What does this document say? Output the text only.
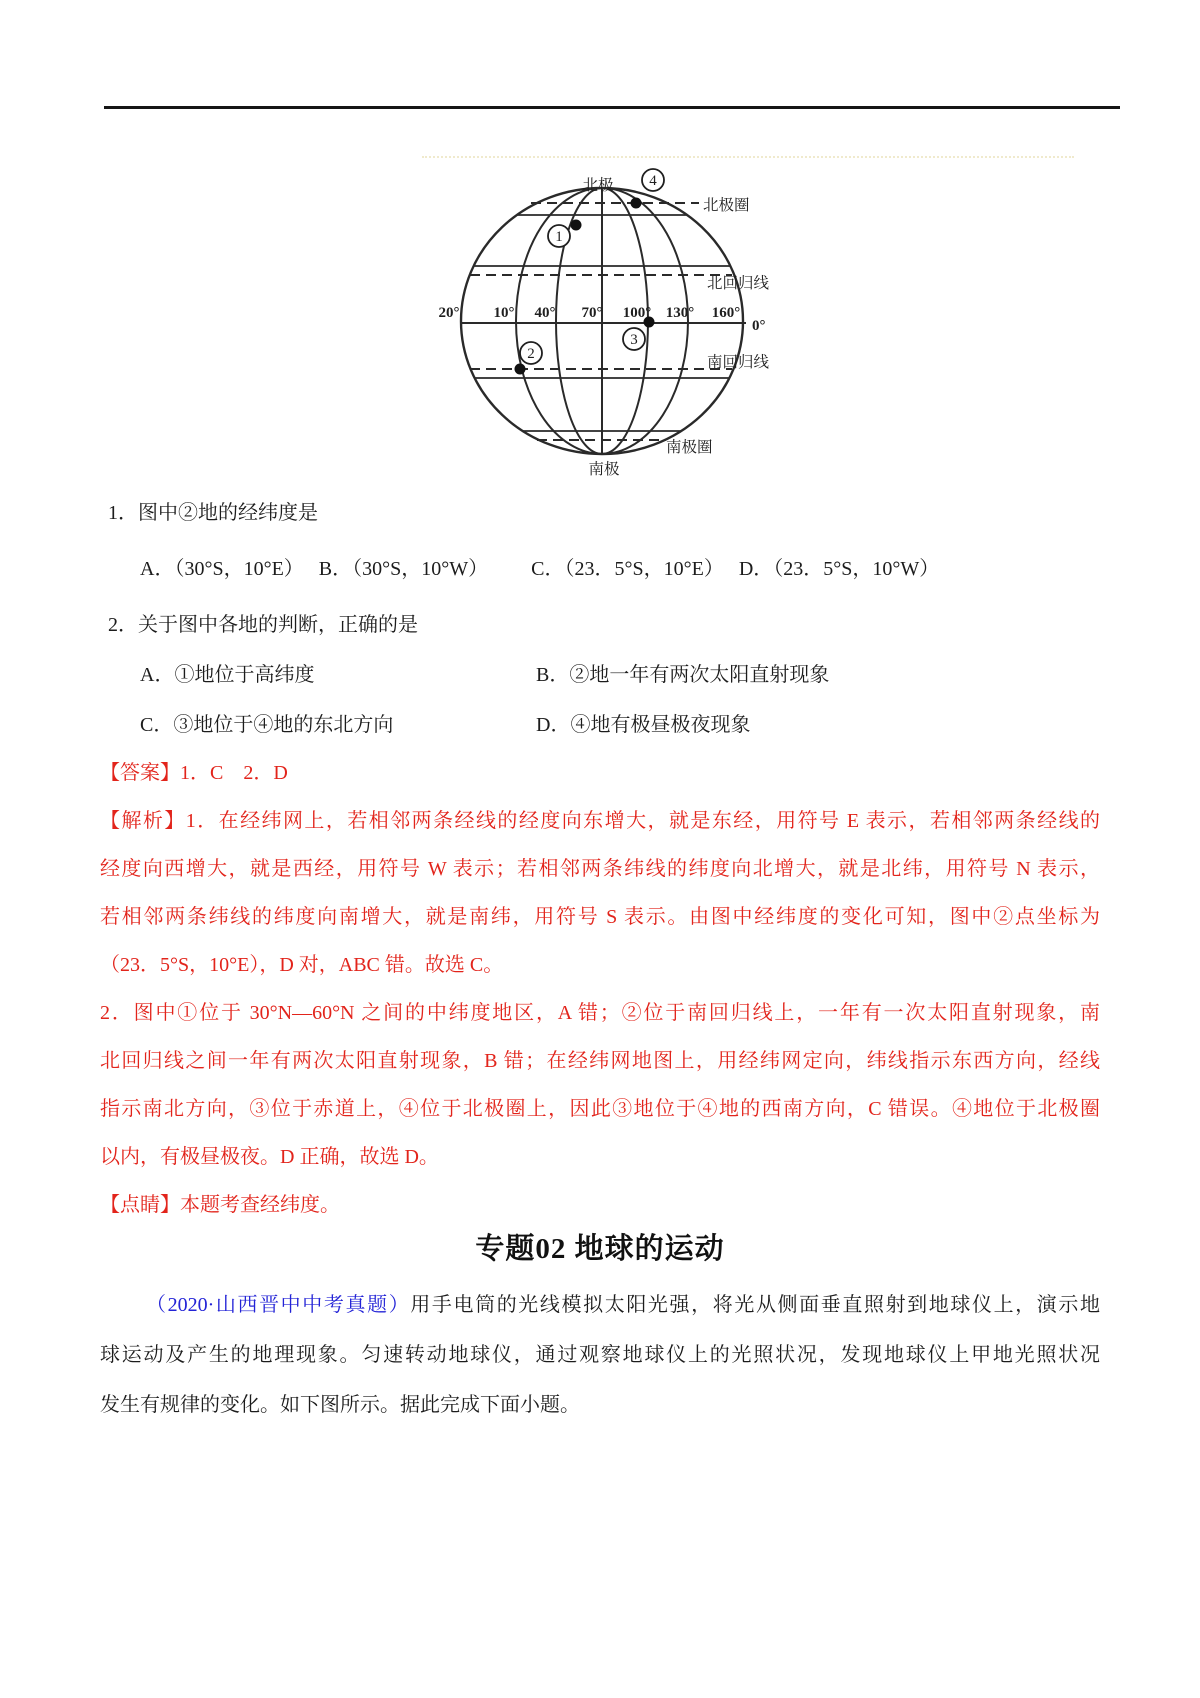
1
2
3
4
北极
南极
北极圈
北回归线
南回归线
南极圈
0°
20° 10° 40° 70° 100° 130° 160°
1．图中②地的经纬度是
A．（30°S，10°E） B．（30°S，10°W） C．（23．5°S，10°E） D．（23．5°S，10°W）
2．关于图中各地的判断，正确的是
A．①地位于高纬度	B．②地一年有两次太阳直射现象
C．③地位于④地的东北方向	D．④地有极昼极夜现象
【答案】1．C　2．D
【解析】1．在经纬网上，若相邻两条经线的经度向东增大，就是东经，用符号 E 表示，若相邻两条经线的
经度向西增大，就是西经，用符号 W 表示；若相邻两条纬线的纬度向北增大，就是北纬，用符号 N 表示，
若相邻两条纬线的纬度向南增大，就是南纬，用符号 S 表示。由图中经纬度的变化可知，图中②点坐标为
（23．5°S，10°E），D 对，ABC 错。故选 C。
2．图中①位于 30°N—60°N 之间的中纬度地区，A 错；②位于南回归线上，一年有一次太阳直射现象，南
北回归线之间一年有两次太阳直射现象，B 错；在经纬网地图上，用经纬网定向，纬线指示东西方向，经线
指示南北方向，③位于赤道上，④位于北极圈上，因此③地位于④地的西南方向，C 错误。④地位于北极圈
以内，有极昼极夜。D 正确，故选 D。
【点睛】本题考查经纬度。
专题02 地球的运动
（2020·山西晋中中考真题）用手电筒的光线模拟太阳光强，将光从侧面垂直照射到地球仪上，演示地
球运动及产生的地理现象。匀速转动地球仪，通过观察地球仪上的光照状况，发现地球仪上甲地光照状况
发生有规律的变化。如下图所示。据此完成下面小题。
